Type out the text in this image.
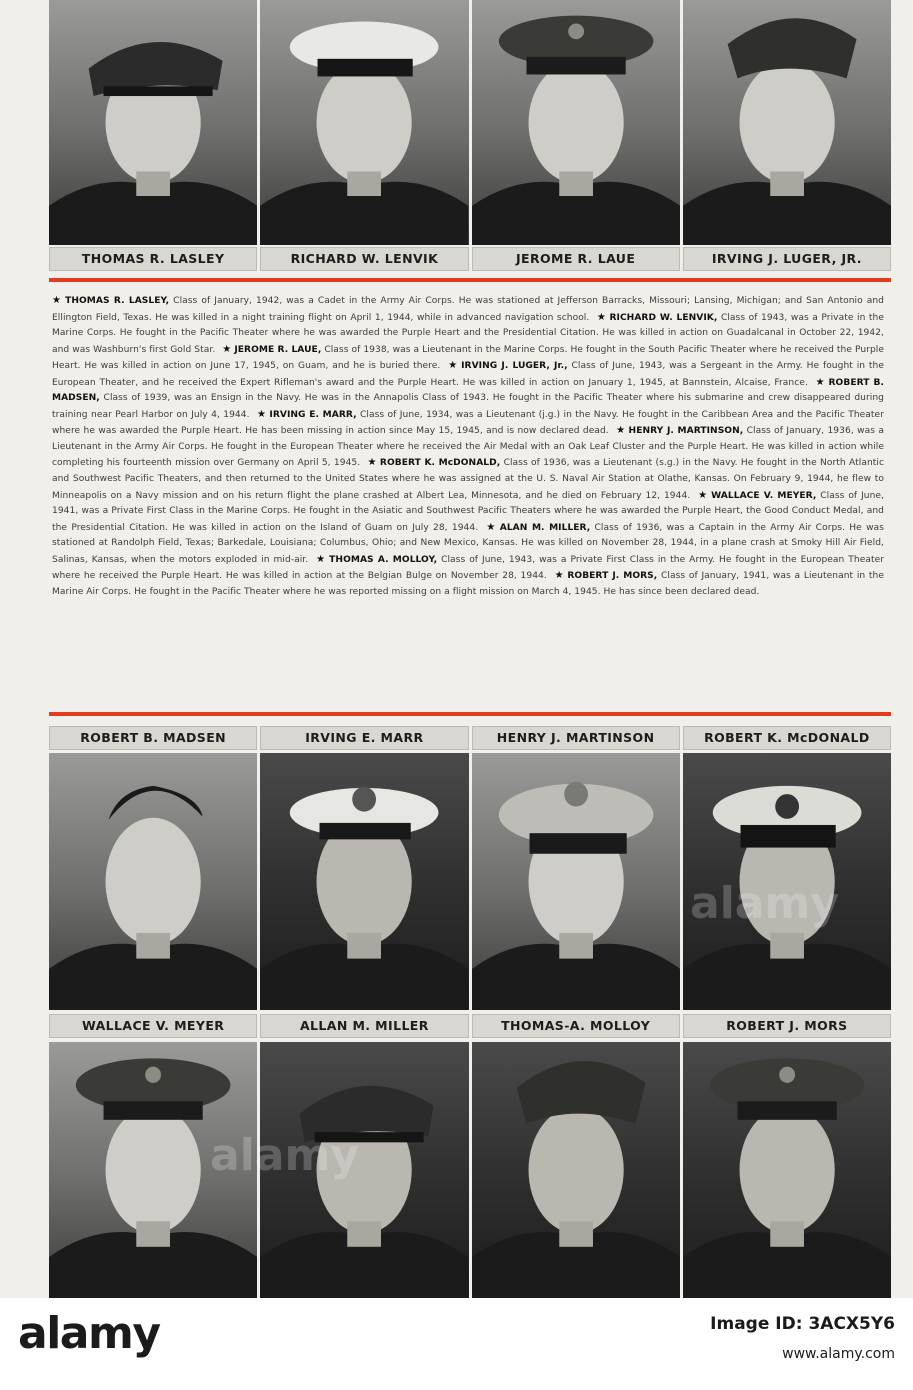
THOMAS R. LASLEY	RICHARD W. LENVIK	JEROME R. LAUE	IRVING J. LUGER, JR.
★ THOMAS R. LASLEY, Class of January, 1942, was a Cadet in the Army Air Corps. He was stationed at Jefferson Barracks, Missouri; Lansing, Michigan; and San Antonio and Ellington Field, Texas. He was killed in a night training flight on April 1, 1944, while in advanced navigation school. ★ RICHARD W. LENVIK, Class of 1943, was a Private in the Marine Corps. He fought in the Pacific Theater where he was awarded the Purple Heart and the Presidential Citation. He was killed in action on Guadalcanal in October 22, 1942, and was Washburn's first Gold Star. ★ JEROME R. LAUE, Class of 1938, was a Lieutenant in the Marine Corps. He fought in the South Pacific Theater where he received the Purple Heart. He was killed in action on June 17, 1945, on Guam, and he is buried there. ★ IRVING J. LUGER, Jr., Class of June, 1943, was a Sergeant in the Army. He fought in the European Theater, and he received the Expert Rifleman's award and the Purple Heart. He was killed in action on January 1, 1945, at Bannstein, Alcaise, France. ★ ROBERT B. MADSEN, Class of 1939, was an Ensign in the Navy. He was in the Annapolis Class of 1943. He fought in the Pacific Theater where his submarine and crew disappeared during training near Pearl Harbor on July 4, 1944. ★ IRVING E. MARR, Class of June, 1934, was a Lieutenant (j.g.) in the Navy. He fought in the Caribbean Area and the Pacific Theater where he was awarded the Purple Heart. He has been missing in action since May 15, 1945, and is now declared dead. ★ HENRY J. MARTINSON, Class of January, 1936, was a Lieutenant in the Army Air Corps. He fought in the European Theater where he received the Air Medal with an Oak Leaf Cluster and the Purple Heart. He was killed in action while completing his fourteenth mission over Germany on April 5, 1945. ★ ROBERT K. McDONALD, Class of 1936, was a Lieutenant (s.g.) in the Navy. He fought in the North Atlantic and Southwest Pacific Theaters, and then returned to the United States where he was assigned at the U. S. Naval Air Station at Olathe, Kansas. On February 9, 1944, he flew to Minneapolis on a Navy mission and on his return flight the plane crashed at Albert Lea, Minnesota, and he died on February 12, 1944. ★ WALLACE V. MEYER, Class of June, 1941, was a Private First Class in the Marine Corps. He fought in the Asiatic and Southwest Pacific Theaters where he was awarded the Purple Heart, the Good Conduct Medal, and the Presidential Citation. He was killed in action on the Island of Guam on July 28, 1944. ★ ALAN M. MILLER, Class of 1936, was a Captain in the Army Air Corps. He was stationed at Randolph Field, Texas; Barkedale, Louisiana; Columbus, Ohio; and New Mexico, Kansas. He was killed on November 28, 1944, in a plane crash at Smoky Hill Air Field, Salinas, Kansas, when the motors exploded in mid-air. ★ THOMAS A. MOLLOY, Class of June, 1943, was a Private First Class in the Army. He fought in the European Theater where he received the Purple Heart. He was killed in action at the Belgian Bulge on November 28, 1944. ★ ROBERT J. MORS, Class of January, 1941, was a Lieutenant in the Marine Air Corps. He fought in the Pacific Theater where he was reported missing on a flight mission on March 4, 1945. He has since been declared dead.
ROBERT B. MADSEN	IRVING E. MARR	HENRY J. MARTINSON	ROBERT K. McDONALD
WALLACE V. MEYER	ALLAN M. MILLER	THOMAS-A. MOLLOY	ROBERT J. MORS
alamy
alamy
alamy	Image ID: 3ACX5Y6
www.alamy.com
